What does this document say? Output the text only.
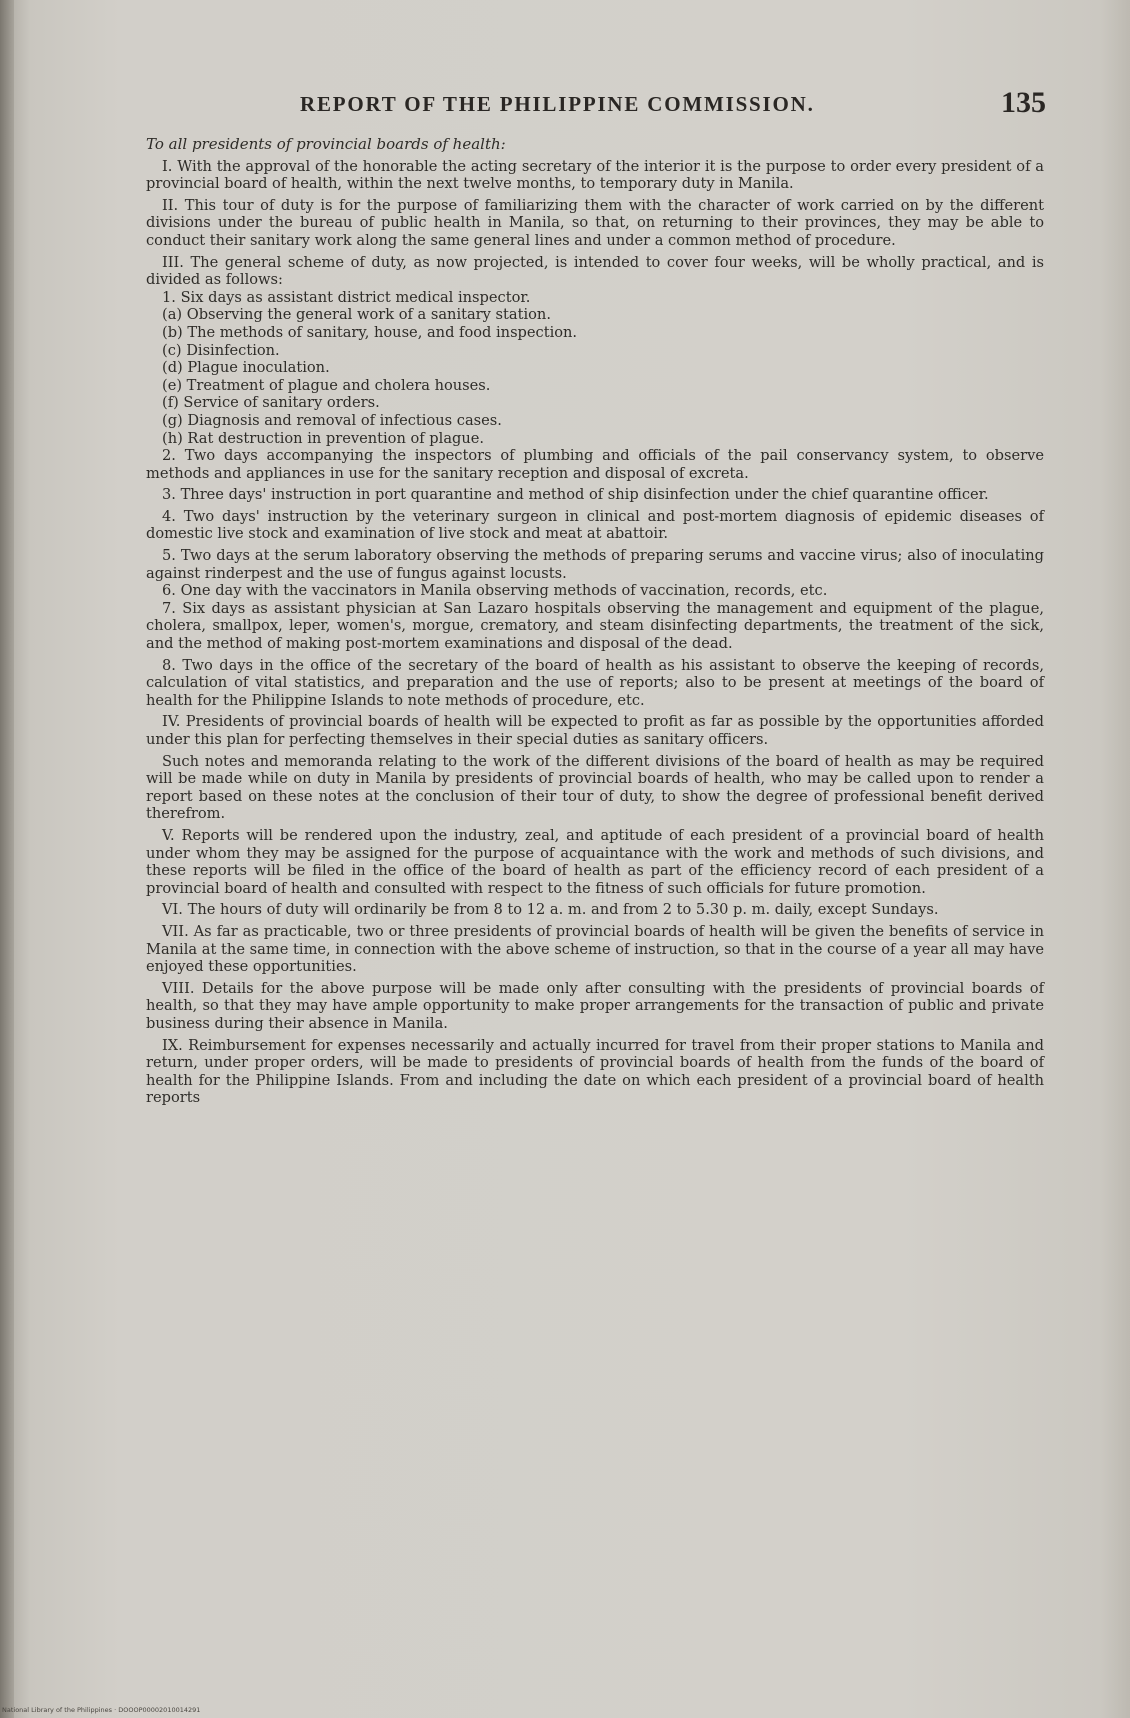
REPORT OF THE PHILIPPINE COMMISSION.	135

To all presidents of provincial boards of health:

I. With the approval of the honorable the acting secretary of the interior it is the purpose to order every president of a provincial board of health, within the next twelve months, to temporary duty in Manila.

II. This tour of duty is for the purpose of familiarizing them with the character of work carried on by the different divisions under the bureau of public health in Manila, so that, on returning to their provinces, they may be able to conduct their sanitary work along the same general lines and under a common method of procedure.

III. The general scheme of duty, as now projected, is intended to cover four weeks, will be wholly practical, and is divided as follows:

1. Six days as assistant district medical inspector.

(a) Observing the general work of a sanitary station.

(b) The methods of sanitary, house, and food inspection.

(c) Disinfection.

(d) Plague inoculation.

(e) Treatment of plague and cholera houses.

(f) Service of sanitary orders.

(g) Diagnosis and removal of infectious cases.

(h) Rat destruction in prevention of plague.

2. Two days accompanying the inspectors of plumbing and officials of the pail conservancy system, to observe methods and appliances in use for the sanitary reception and disposal of excreta.

3. Three days' instruction in port quarantine and method of ship disinfection under the chief quarantine officer.

4. Two days' instruction by the veterinary surgeon in clinical and post-mortem diagnosis of epidemic diseases of domestic live stock and examination of live stock and meat at abattoir.

5. Two days at the serum laboratory observing the methods of preparing serums and vaccine virus; also of inoculating against rinderpest and the use of fungus against locusts.

6. One day with the vaccinators in Manila observing methods of vaccination, records, etc.

7. Six days as assistant physician at San Lazaro hospitals observing the management and equipment of the plague, cholera, smallpox, leper, women's, morgue, crematory, and steam disinfecting departments, the treatment of the sick, and the method of making post-mortem examinations and disposal of the dead.

8. Two days in the office of the secretary of the board of health as his assistant to observe the keeping of records, calculation of vital statistics, and preparation and the use of reports; also to be present at meetings of the board of health for the Philippine Islands to note methods of procedure, etc.

IV. Presidents of provincial boards of health will be expected to profit as far as possible by the opportunities afforded under this plan for perfecting themselves in their special duties as sanitary officers.

Such notes and memoranda relating to the work of the different divisions of the board of health as may be required will be made while on duty in Manila by presidents of provincial boards of health, who may be called upon to render a report based on these notes at the conclusion of their tour of duty, to show the degree of professional benefit derived therefrom.

V. Reports will be rendered upon the industry, zeal, and aptitude of each president of a provincial board of health under whom they may be assigned for the purpose of acquaintance with the work and methods of such divisions, and these reports will be filed in the office of the board of health as part of the efficiency record of each president of a provincial board of health and consulted with respect to the fitness of such officials for future promotion.

VI. The hours of duty will ordinarily be from 8 to 12 a. m. and from 2 to 5.30 p. m. daily, except Sundays.

VII. As far as practicable, two or three presidents of provincial boards of health will be given the benefits of service in Manila at the same time, in connection with the above scheme of instruction, so that in the course of a year all may have enjoyed these opportunities.

VIII. Details for the above purpose will be made only after consulting with the presidents of provincial boards of health, so that they may have ample opportunity to make proper arrangements for the transaction of public and private business during their absence in Manila.

IX. Reimbursement for expenses necessarily and actually incurred for travel from their proper stations to Manila and return, under proper orders, will be made to presidents of provincial boards of health from the funds of the board of health for the Philippine Islands. From and including the date on which each president of a provincial board of health reports

National Library of the Philippines · DOOOP00002010014291
